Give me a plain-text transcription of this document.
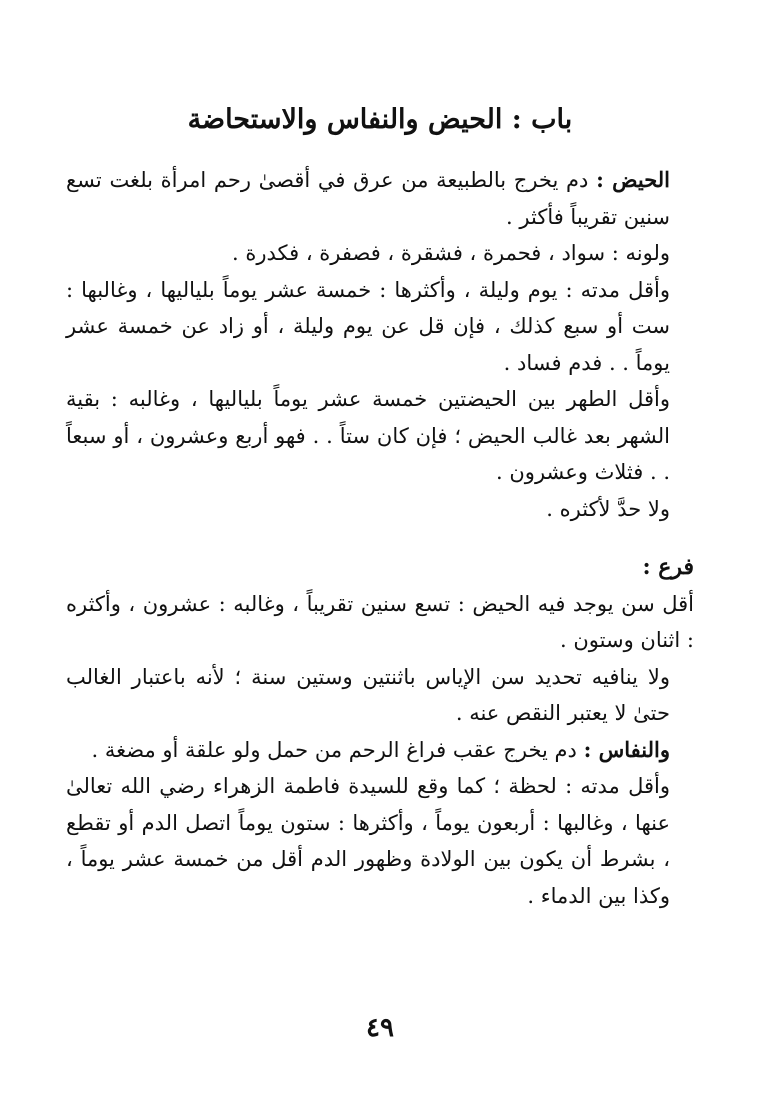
باب : الحيض والنفاس والاستحاضة

الحيض : دم يخرج بالطبيعة من عرق في أقصىٰ رحم امرأة بلغت تسع سنين تقريباً فأكثر .

ولونه : سواد ، فحمرة ، فشقرة ، فصفرة ، فكدرة .

وأقل مدته : يوم وليلة ، وأكثرها : خمسة عشر يوماً بلياليها ، وغالبها : ست أو سبع كذلك ، فإن قل عن يوم وليلة ، أو زاد عن خمسة عشر يوماً . . فدم فساد .

وأقل الطهر بين الحيضتين خمسة عشر يوماً بلياليها ، وغالبه : بقية الشهر بعد غالب الحيض ؛ فإن كان ستاً . . فهو أربع وعشرون ، أو سبعاً . . فثلاث وعشرون .

ولا حدَّ لأكثره .

فرع :

أقل سن يوجد فيه الحيض : تسع سنين تقريباً ، وغالبه : عشرون ، وأكثره : اثنان وستون .

ولا ينافيه تحديد سن الإياس باثنتين وستين سنة ؛ لأنه باعتبار الغالب حتىٰ لا يعتبر النقص عنه .

والنفاس : دم يخرج عقب فراغ الرحم من حمل ولو علقة أو مضغة .

وأقل مدته : لحظة ؛ كما وقع للسيدة فاطمة الزهراء رضي الله تعالىٰ عنها ، وغالبها : أربعون يوماً ، وأكثرها : ستون يوماً اتصل الدم أو تقطع ، بشرط أن يكون بين الولادة وظهور الدم أقل من خمسة عشر يوماً ، وكذا بين الدماء .

٤٩
